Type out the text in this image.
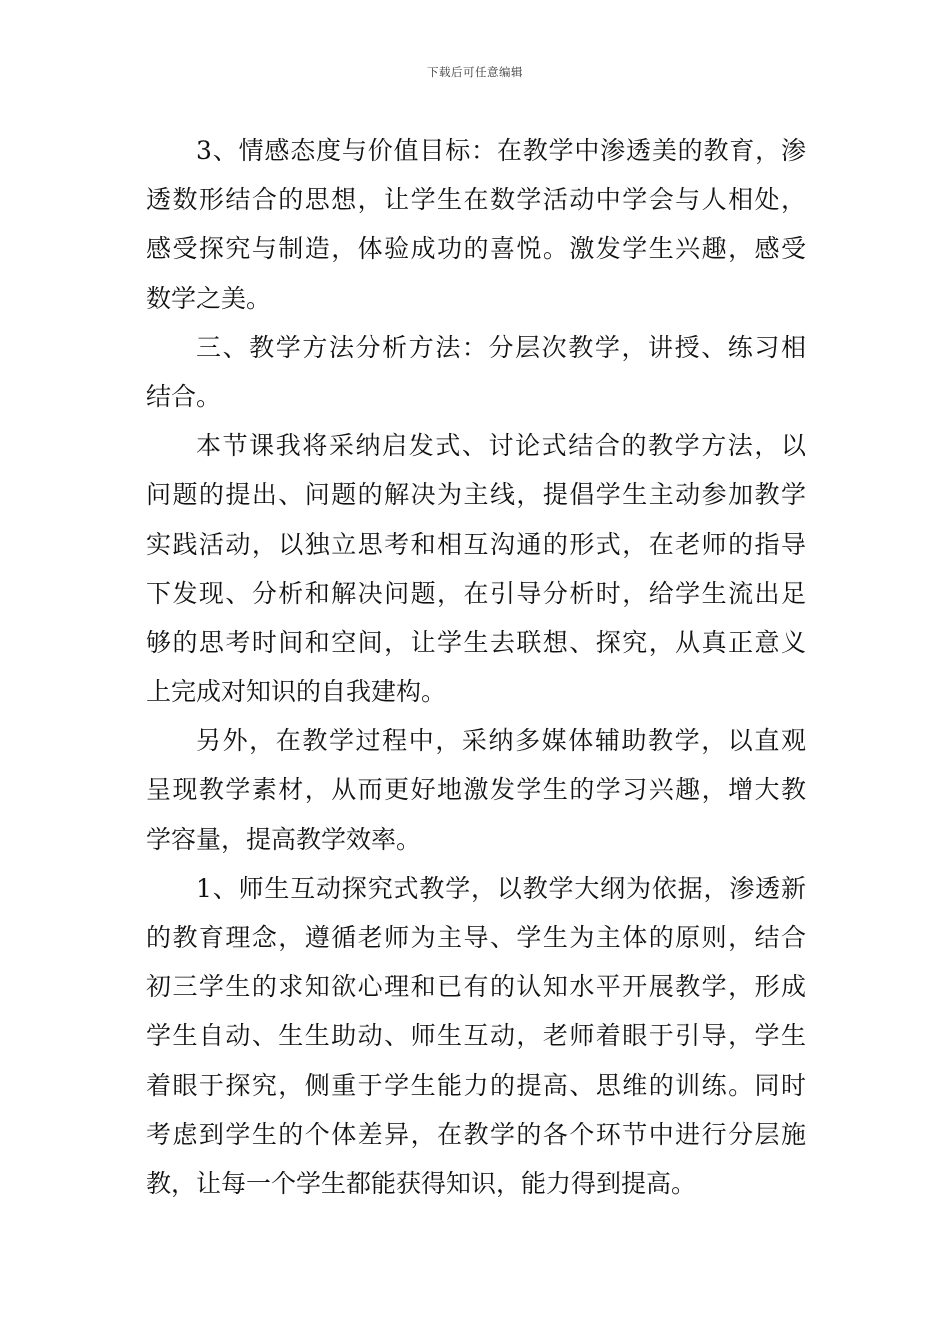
下载后可任意编辑
3、情感态度与价值目标：在教学中渗透美的教育，渗
透数形结合的思想，让学生在数学活动中学会与人相处，
感受探究与制造，体验成功的喜悦。激发学生兴趣，感受
数学之美。
三、教学方法分析方法：分层次教学，讲授、练习相
结合。
本节课我将采纳启发式、讨论式结合的教学方法，以
问题的提出、问题的解决为主线，提倡学生主动参加教学
实践活动，以独立思考和相互沟通的形式，在老师的指导
下发现、分析和解决问题，在引导分析时，给学生流出足
够的思考时间和空间，让学生去联想、探究，从真正意义
上完成对知识的自我建构。
另外，在教学过程中，采纳多媒体辅助教学，以直观
呈现教学素材，从而更好地激发学生的学习兴趣，增大教
学容量，提高教学效率。
1、师生互动探究式教学，以教学大纲为依据，渗透新
的教育理念，遵循老师为主导、学生为主体的原则，结合
初三学生的求知欲心理和已有的认知水平开展教学，形成
学生自动、生生助动、师生互动，老师着眼于引导，学生
着眼于探究，侧重于学生能力的提高、思维的训练。同时
考虑到学生的个体差异，在教学的各个环节中进行分层施
教，让每一个学生都能获得知识，能力得到提高。
